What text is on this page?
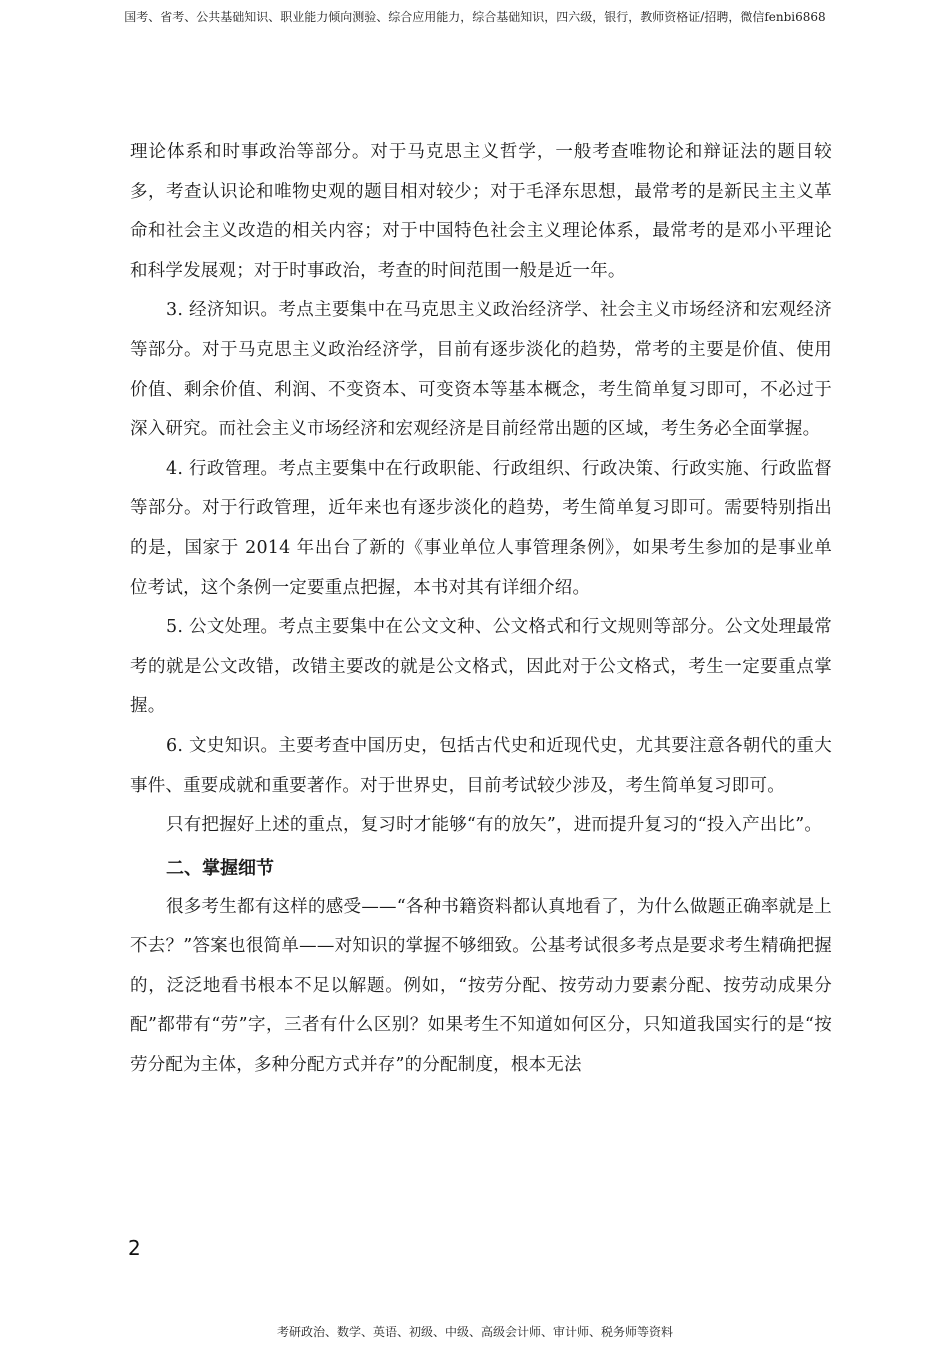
国考、省考、公共基础知识、职业能力倾向测验、综合应用能力，综合基础知识，四六级，银行，教师资格证/招聘，微信fenbi6868

理论体系和时事政治等部分。对于马克思主义哲学，一般考查唯物论和辩证法的题目较多，考查认识论和唯物史观的题目相对较少；对于毛泽东思想，最常考的是新民主主义革命和社会主义改造的相关内容；对于中国特色社会主义理论体系，最常考的是邓小平理论和科学发展观；对于时事政治，考查的时间范围一般是近一年。

3. 经济知识。考点主要集中在马克思主义政治经济学、社会主义市场经济和宏观经济等部分。对于马克思主义政治经济学，目前有逐步淡化的趋势，常考的主要是价值、使用价值、剩余价值、利润、不变资本、可变资本等基本概念，考生简单复习即可，不必过于深入研究。而社会主义市场经济和宏观经济是目前经常出题的区域，考生务必全面掌握。

4. 行政管理。考点主要集中在行政职能、行政组织、行政决策、行政实施、行政监督等部分。对于行政管理，近年来也有逐步淡化的趋势，考生简单复习即可。需要特别指出的是，国家于 2014 年出台了新的《事业单位人事管理条例》，如果考生参加的是事业单位考试，这个条例一定要重点把握，本书对其有详细介绍。

5. 公文处理。考点主要集中在公文文种、公文格式和行文规则等部分。公文处理最常考的就是公文改错，改错主要改的就是公文格式，因此对于公文格式，考生一定要重点掌握。

6. 文史知识。主要考查中国历史，包括古代史和近现代史，尤其要注意各朝代的重大事件、重要成就和重要著作。对于世界史，目前考试较少涉及，考生简单复习即可。

只有把握好上述的重点，复习时才能够“有的放矢”，进而提升复习的“投入产出比”。

二、掌握细节

很多考生都有这样的感受——“各种书籍资料都认真地看了，为什么做题正确率就是上不去？”答案也很简单——对知识的掌握不够细致。公基考试很多考点是要求考生精确把握的，泛泛地看书根本不足以解题。例如，“按劳分配、按劳动力要素分配、按劳动成果分配”都带有“劳”字，三者有什么区别？如果考生不知道如何区分，只知道我国实行的是“按劳分配为主体，多种分配方式并存”的分配制度，根本无法

2
考研政治、数学、英语、初级、中级、高级会计师、审计师、税务师等资料
